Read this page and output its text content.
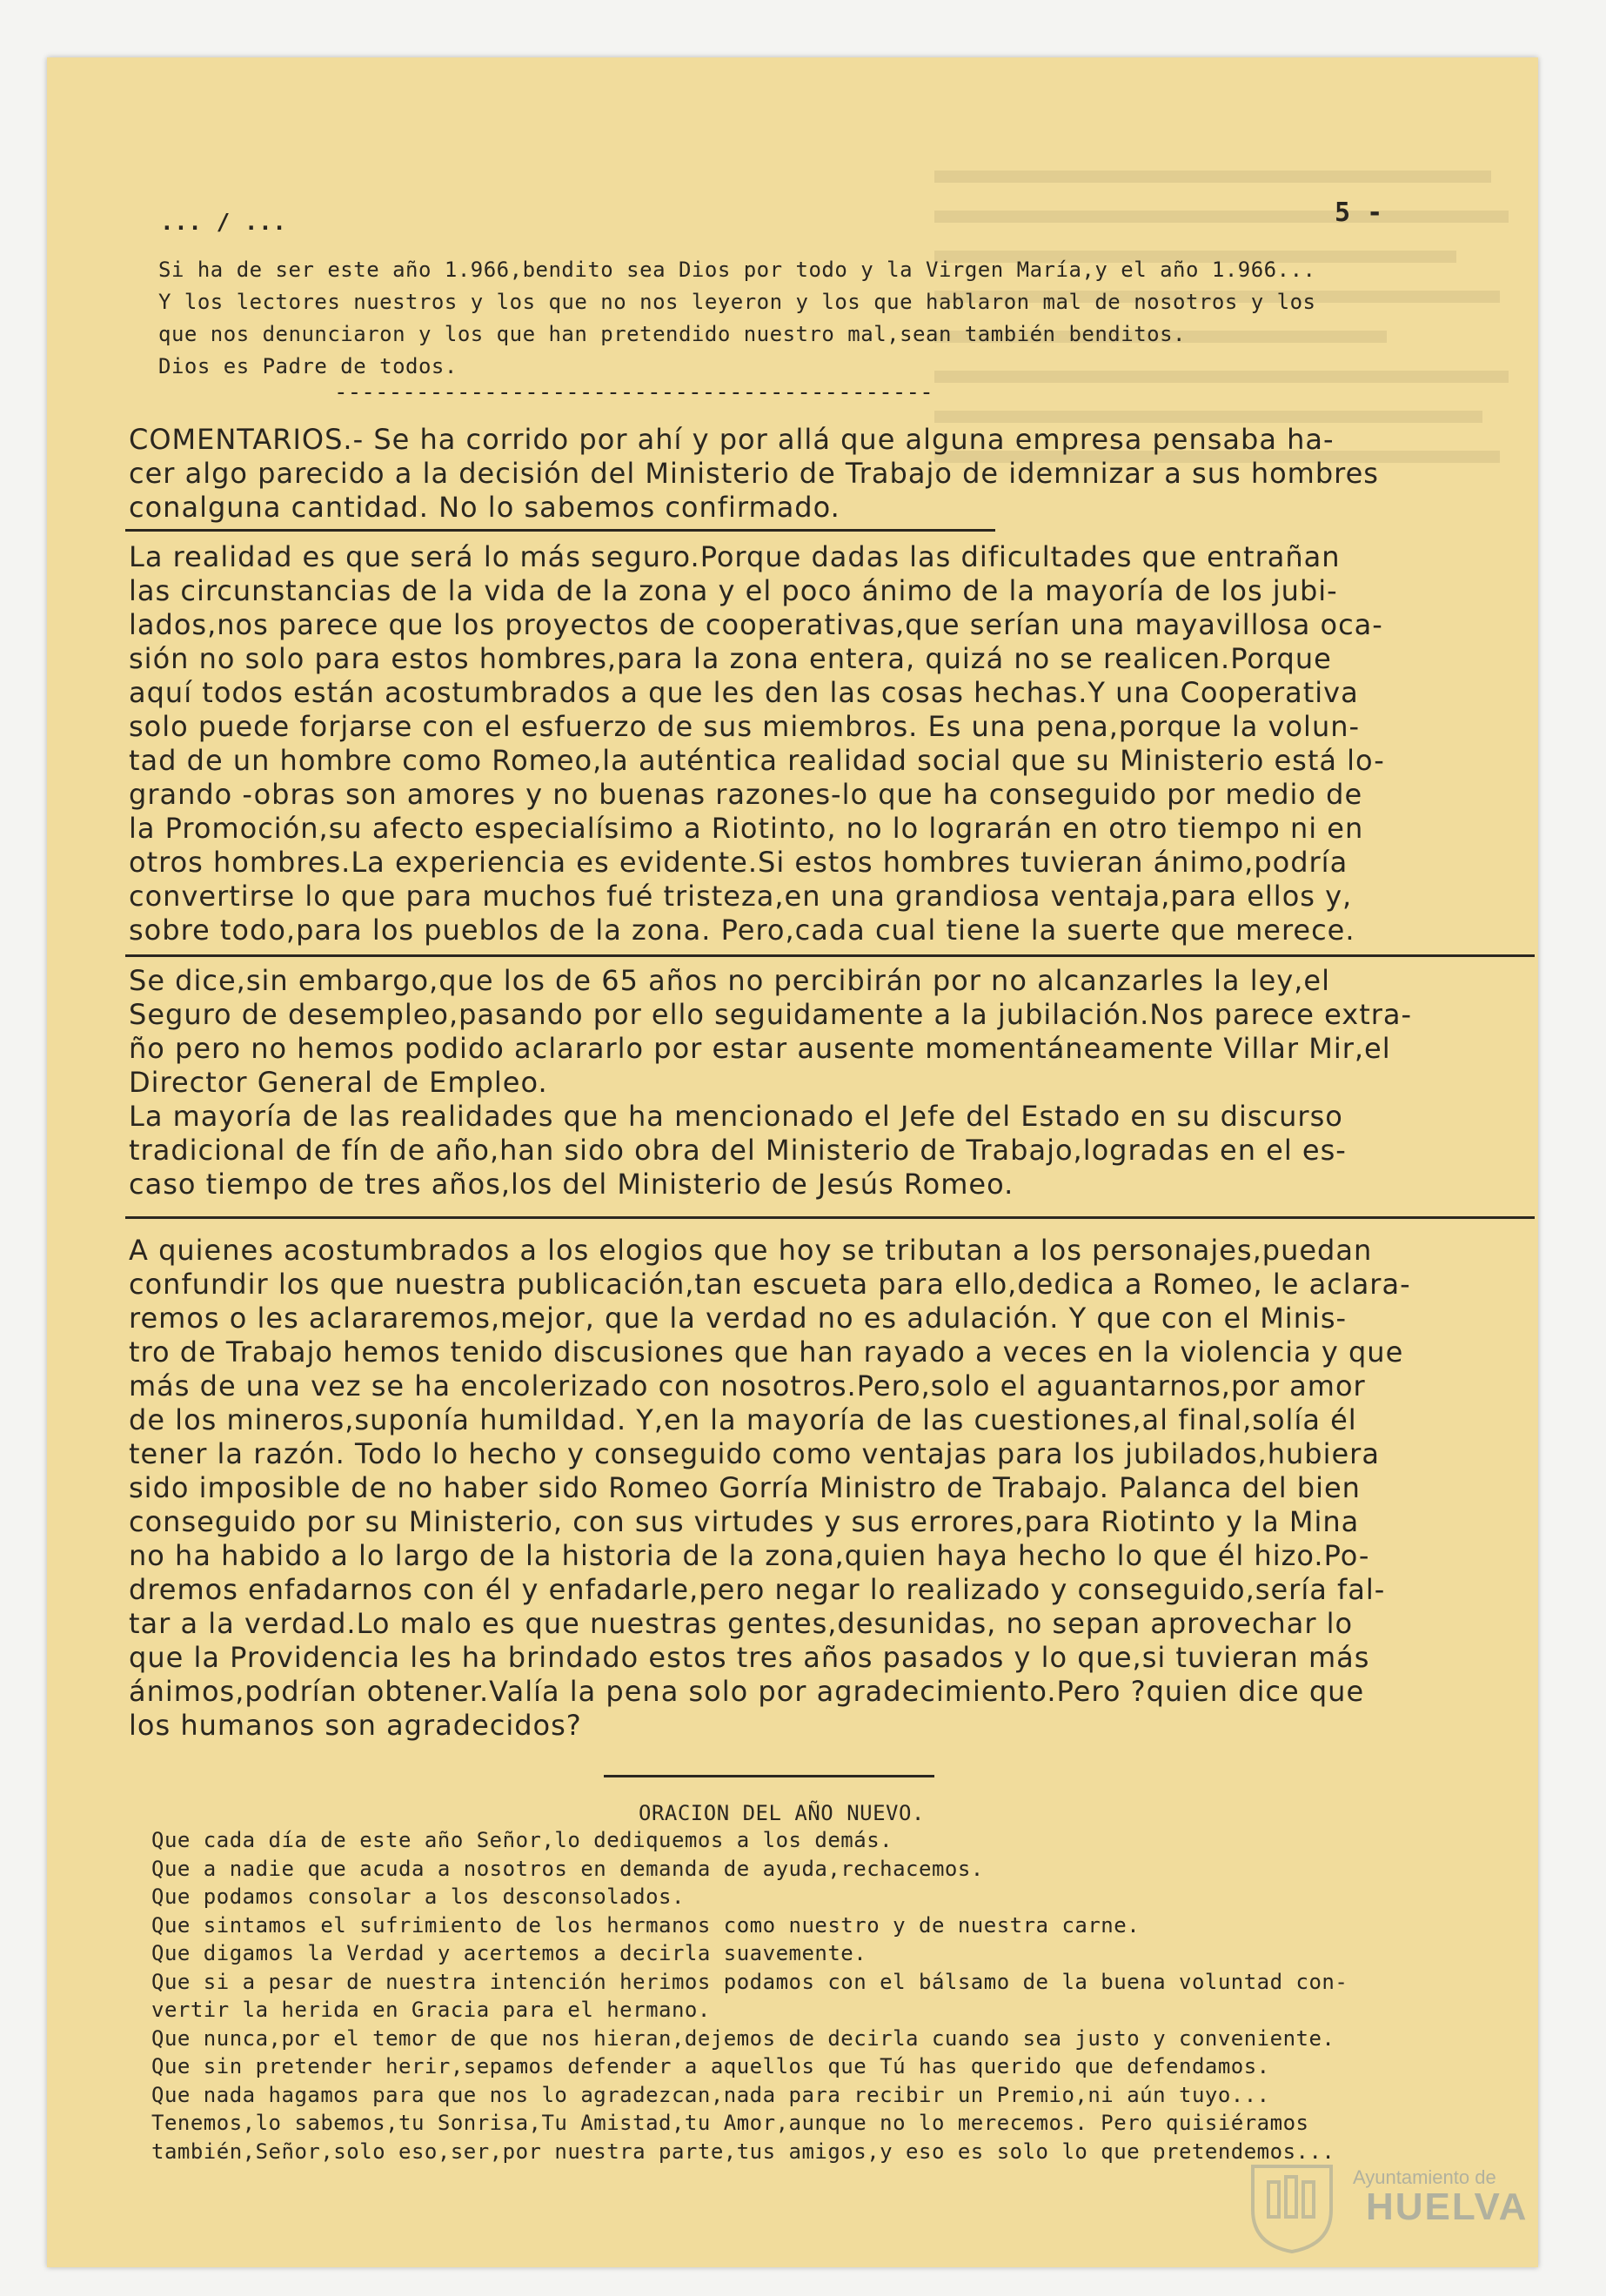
... / ...	5 -
Si ha de ser este año 1.966,bendito sea Dios por todo y la Virgen María,y el año 1.966...
Y los lectores nuestros y los que no nos leyeron y los que hablaron mal de nosotros y los
que nos denunciaron y los que han pretendido nuestro mal,sean también benditos.
Dios es Padre de todos.
--------------------------------------------
COMENTARIOS.- Se ha corrido por ahí y por allá que alguna empresa pensaba ha-
cer algo parecido a la decisión del Ministerio de Trabajo de idemnizar a sus hombres
conalguna cantidad. No lo sabemos confirmado.
La realidad es que será lo más seguro.Porque dadas las dificultades que entrañan
las circunstancias de la vida de la zona y el poco ánimo de la mayoría de los jubi-
lados,nos parece que los proyectos de cooperativas,que serían una mayavillosa oca-
sión no solo para estos hombres,para la zona entera, quizá no se realicen.Porque
aquí todos están acostumbrados a que les den las cosas hechas.Y una Cooperativa
solo puede forjarse con el esfuerzo de sus miembros. Es una pena,porque la volun-
tad de un hombre como Romeo,la auténtica realidad social que su Ministerio está lo-
grando -obras son amores y no buenas razones-lo que ha conseguido por medio de
la Promoción,su afecto especialísimo a Riotinto, no lo lograrán en otro tiempo ni en
otros hombres.La experiencia es evidente.Si estos hombres tuvieran ánimo,podría
convertirse lo que para muchos fué tristeza,en una grandiosa ventaja,para ellos y,
sobre todo,para los pueblos de la zona. Pero,cada cual tiene la suerte que merece.
Se dice,sin embargo,que los de 65 años no percibirán por no alcanzarles la ley,el
Seguro de desempleo,pasando por ello seguidamente a la jubilación.Nos parece extra-
ño pero no hemos podido aclararlo por estar ausente momentáneamente Villar Mir,el
Director General de Empleo.
La mayoría de las realidades que ha mencionado el Jefe del Estado en su discurso
tradicional de fín de año,han sido obra del Ministerio de Trabajo,logradas en el es-
caso tiempo de tres años,los del Ministerio de Jesús Romeo.
A quienes acostumbrados a los elogios que hoy se tributan a los personajes,puedan
confundir los que nuestra publicación,tan escueta para ello,dedica a Romeo, le aclara-
remos o les aclararemos,mejor, que la verdad no es adulación. Y que con el Minis-
tro de Trabajo hemos tenido discusiones que han rayado a veces en la violencia y que
más de una vez se ha encolerizado con nosotros.Pero,solo el aguantarnos,por amor
de los mineros,suponía humildad. Y,en la mayoría de las cuestiones,al final,solía él
tener la razón. Todo lo hecho y conseguido como ventajas para los jubilados,hubiera
sido imposible de no haber sido Romeo Gorría Ministro de Trabajo. Palanca del bien
conseguido por su Ministerio, con sus virtudes y sus errores,para Riotinto y la Mina
no ha habido a lo largo de la historia de la zona,quien haya hecho lo que él hizo.Po-
dremos enfadarnos con él y enfadarle,pero negar lo realizado y conseguido,sería fal-
tar a la verdad.Lo malo es que nuestras gentes,desunidas, no sepan aprovechar lo
que la Providencia les ha brindado estos tres años pasados y lo que,si tuvieran más
ánimos,podrían obtener.Valía la pena solo por agradecimiento.Pero ?quien dice que
los humanos son agradecidos?
ORACION DEL AÑO NUEVO.
Que cada día de este año Señor,lo dediquemos a los demás.
Que a nadie que acuda a nosotros en demanda de ayuda,rechacemos.
Que podamos consolar a los desconsolados.
Que sintamos el sufrimiento de los hermanos como nuestro y de nuestra carne.
Que digamos la Verdad y acertemos a decirla suavemente.
Que si a pesar de nuestra intención herimos podamos con el bálsamo de la buena voluntad con-
vertir la herida en Gracia para el hermano.
Que nunca,por el temor de que nos hieran,dejemos de decirla cuando sea justo y conveniente.
Que sin pretender herir,sepamos defender a aquellos que Tú has querido que defendamos.
Que nada hagamos para que nos lo agradezcan,nada para recibir un Premio,ni aún tuyo...
Tenemos,lo sabemos,tu Sonrisa,Tu Amistad,tu Amor,aunque no lo merecemos. Pero quisiéramos
también,Señor,solo eso,ser,por nuestra parte,tus amigos,y eso es solo lo que pretendemos...
Ayuntamiento de
HUELVA
